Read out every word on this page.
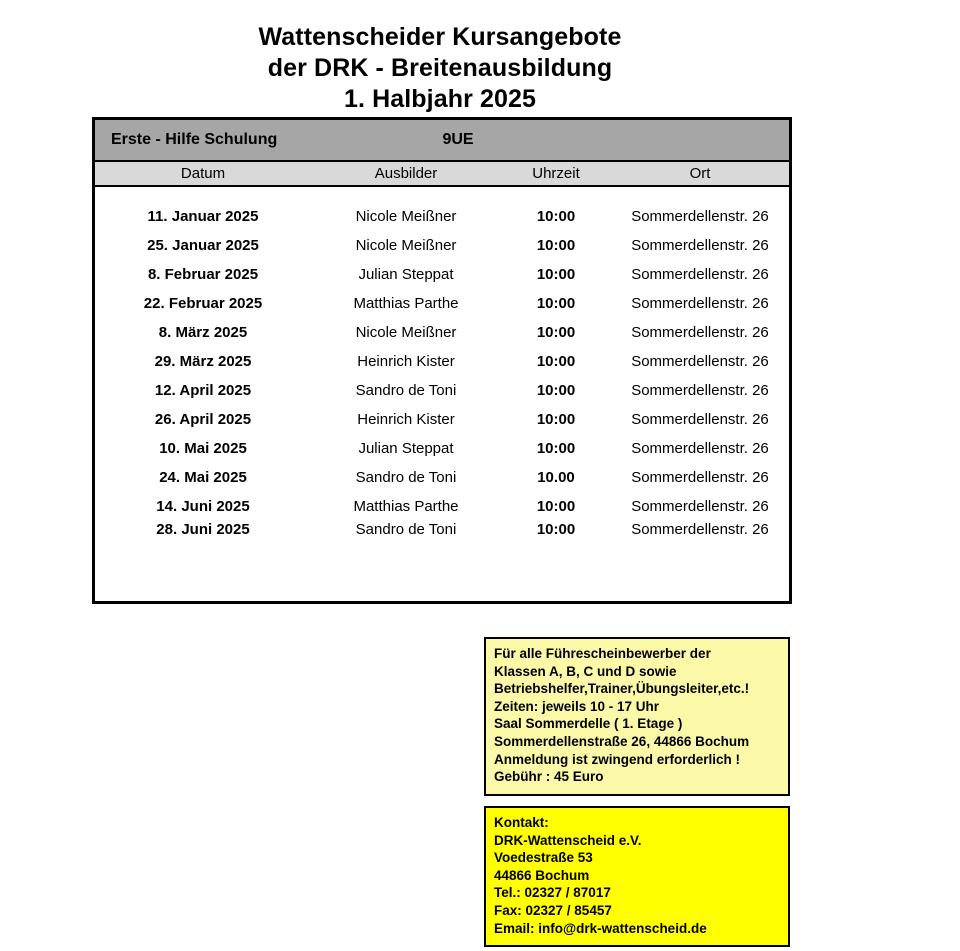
Wattenscheider Kursangebote
der DRK - Breitenausbildung
1. Halbjahr 2025
Erste - Hilfe Schulung	9UE
Datum	Ausbilder	Uhrzeit	Ort
11. Januar 2025	Nicole Meißner	10:00	Sommerdellenstr. 26
25. Januar 2025	Nicole Meißner	10:00	Sommerdellenstr. 26
8. Februar 2025	Julian Steppat	10:00	Sommerdellenstr. 26
22. Februar 2025	Matthias Parthe	10:00	Sommerdellenstr. 26
8. März 2025	Nicole Meißner	10:00	Sommerdellenstr. 26
29. März 2025	Heinrich Kister	10:00	Sommerdellenstr. 26
12. April 2025	Sandro de Toni	10:00	Sommerdellenstr. 26
26. April 2025	Heinrich Kister	10:00	Sommerdellenstr. 26
10. Mai 2025	Julian Steppat	10:00	Sommerdellenstr. 26
24. Mai 2025	Sandro de Toni	10.00	Sommerdellenstr. 26
14. Juni 2025	Matthias Parthe	10:00	Sommerdellenstr. 26
28. Juni 2025	Sandro de Toni	10:00	Sommerdellenstr. 26
Für alle Führescheinbewerber der
Klassen A, B, C und D sowie
Betriebshelfer,Trainer,Übungsleiter,etc.!
Zeiten: jeweils 10 - 17 Uhr
Saal Sommerdelle ( 1. Etage )
Sommerdellenstraße 26, 44866 Bochum
Anmeldung ist zwingend erforderlich !
Gebühr : 45 Euro
Kontakt:
DRK-Wattenscheid e.V.
Voedestraße 53
44866 Bochum
Tel.: 02327 / 87017
Fax: 02327 / 85457
Email: info@drk-wattenscheid.de
